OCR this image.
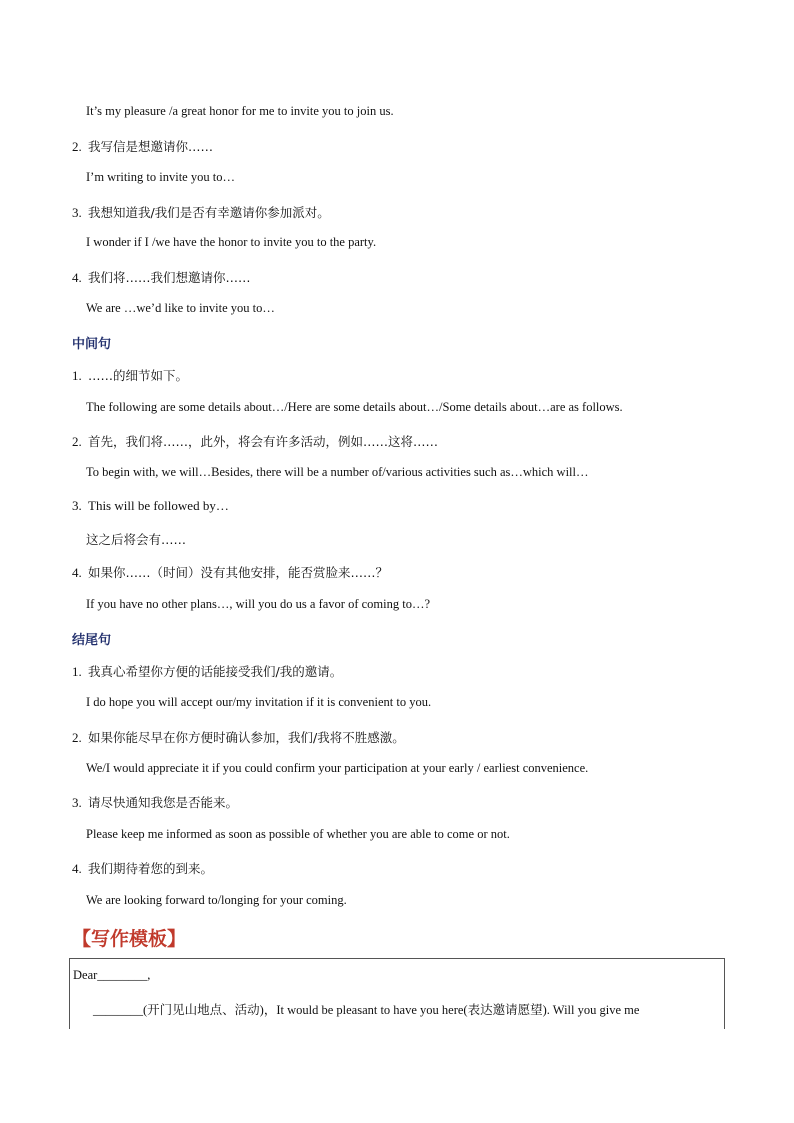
It’s my pleasure /a great honor for me to invite you to join us.
2. 我写信是想邀请你……
I’m writing to invite you to…
3. 我想知道我/我们是否有幸邀请你参加派对。
I wonder if I /we have the honor to invite you to the party.
4. 我们将……我们想邀请你……
We are …we’d like to invite you to…
中间句
1. ……的细节如下。
The following are some details about…/Here are some details about…/Some details about…are as follows.
2. 首先，我们将……，此外，将会有许多活动，例如……这将……
To begin with, we will…Besides, there will be a number of/various activities such as…which will…
3. This will be followed by…
这之后将会有……
4. 如果你……（时间）没有其他安排，能否赏脸来……？
If you have no other plans…, will you do us a favor of coming to…?
结尾句
1. 我真心希望你方便的话能接受我们/我的邀请。
I do hope you will accept our/my invitation if it is convenient to you.
2. 如果你能尽早在你方便时确认参加，我们/我将不胜感激。
We/I would appreciate it if you could confirm your participation at your early / earliest convenience.
3. 请尽快通知我您是否能来。
Please keep me informed as soon as possible of whether you are able to come or not.
4. 我们期待着您的到来。
We are looking forward to/longing for your coming.
【写作模板】
Dear________,
________(开门见山地点、活动)，It would be pleasant to have you here(表达邀请愿望). Will you give me
